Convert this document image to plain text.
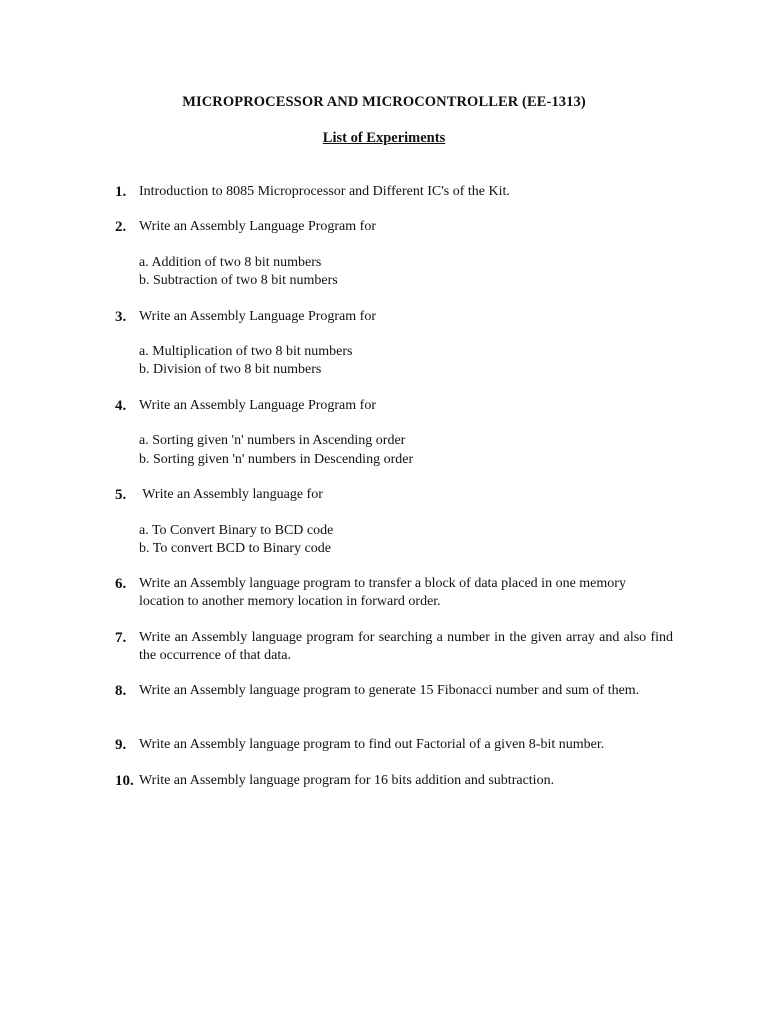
MICROPROCESSOR AND MICROCONTROLLER (EE-1313)
List of Experiments
1. Introduction to 8085 Microprocessor and Different IC's of the Kit.
2. Write an Assembly Language Program for
a. Addition of two 8 bit numbers
b. Subtraction of two 8 bit numbers
3. Write an Assembly Language Program for
a. Multiplication of two 8 bit numbers
b. Division of two 8 bit numbers
4. Write an Assembly Language Program for
a. Sorting given 'n' numbers in Ascending order
b. Sorting given 'n' numbers in Descending order
5. Write an Assembly language for
a. To Convert Binary to BCD code
b. To convert BCD to Binary code
6. Write an Assembly language program to transfer a block of data placed in one memory location to another memory location in forward order.
7. Write an Assembly language program for searching a number in the given array and also find the occurrence of that data.
8. Write an Assembly language program to generate 15 Fibonacci number and sum of them.
9. Write an Assembly language program to find out Factorial of a given 8-bit number.
10. Write an Assembly language program for 16 bits addition and subtraction.
